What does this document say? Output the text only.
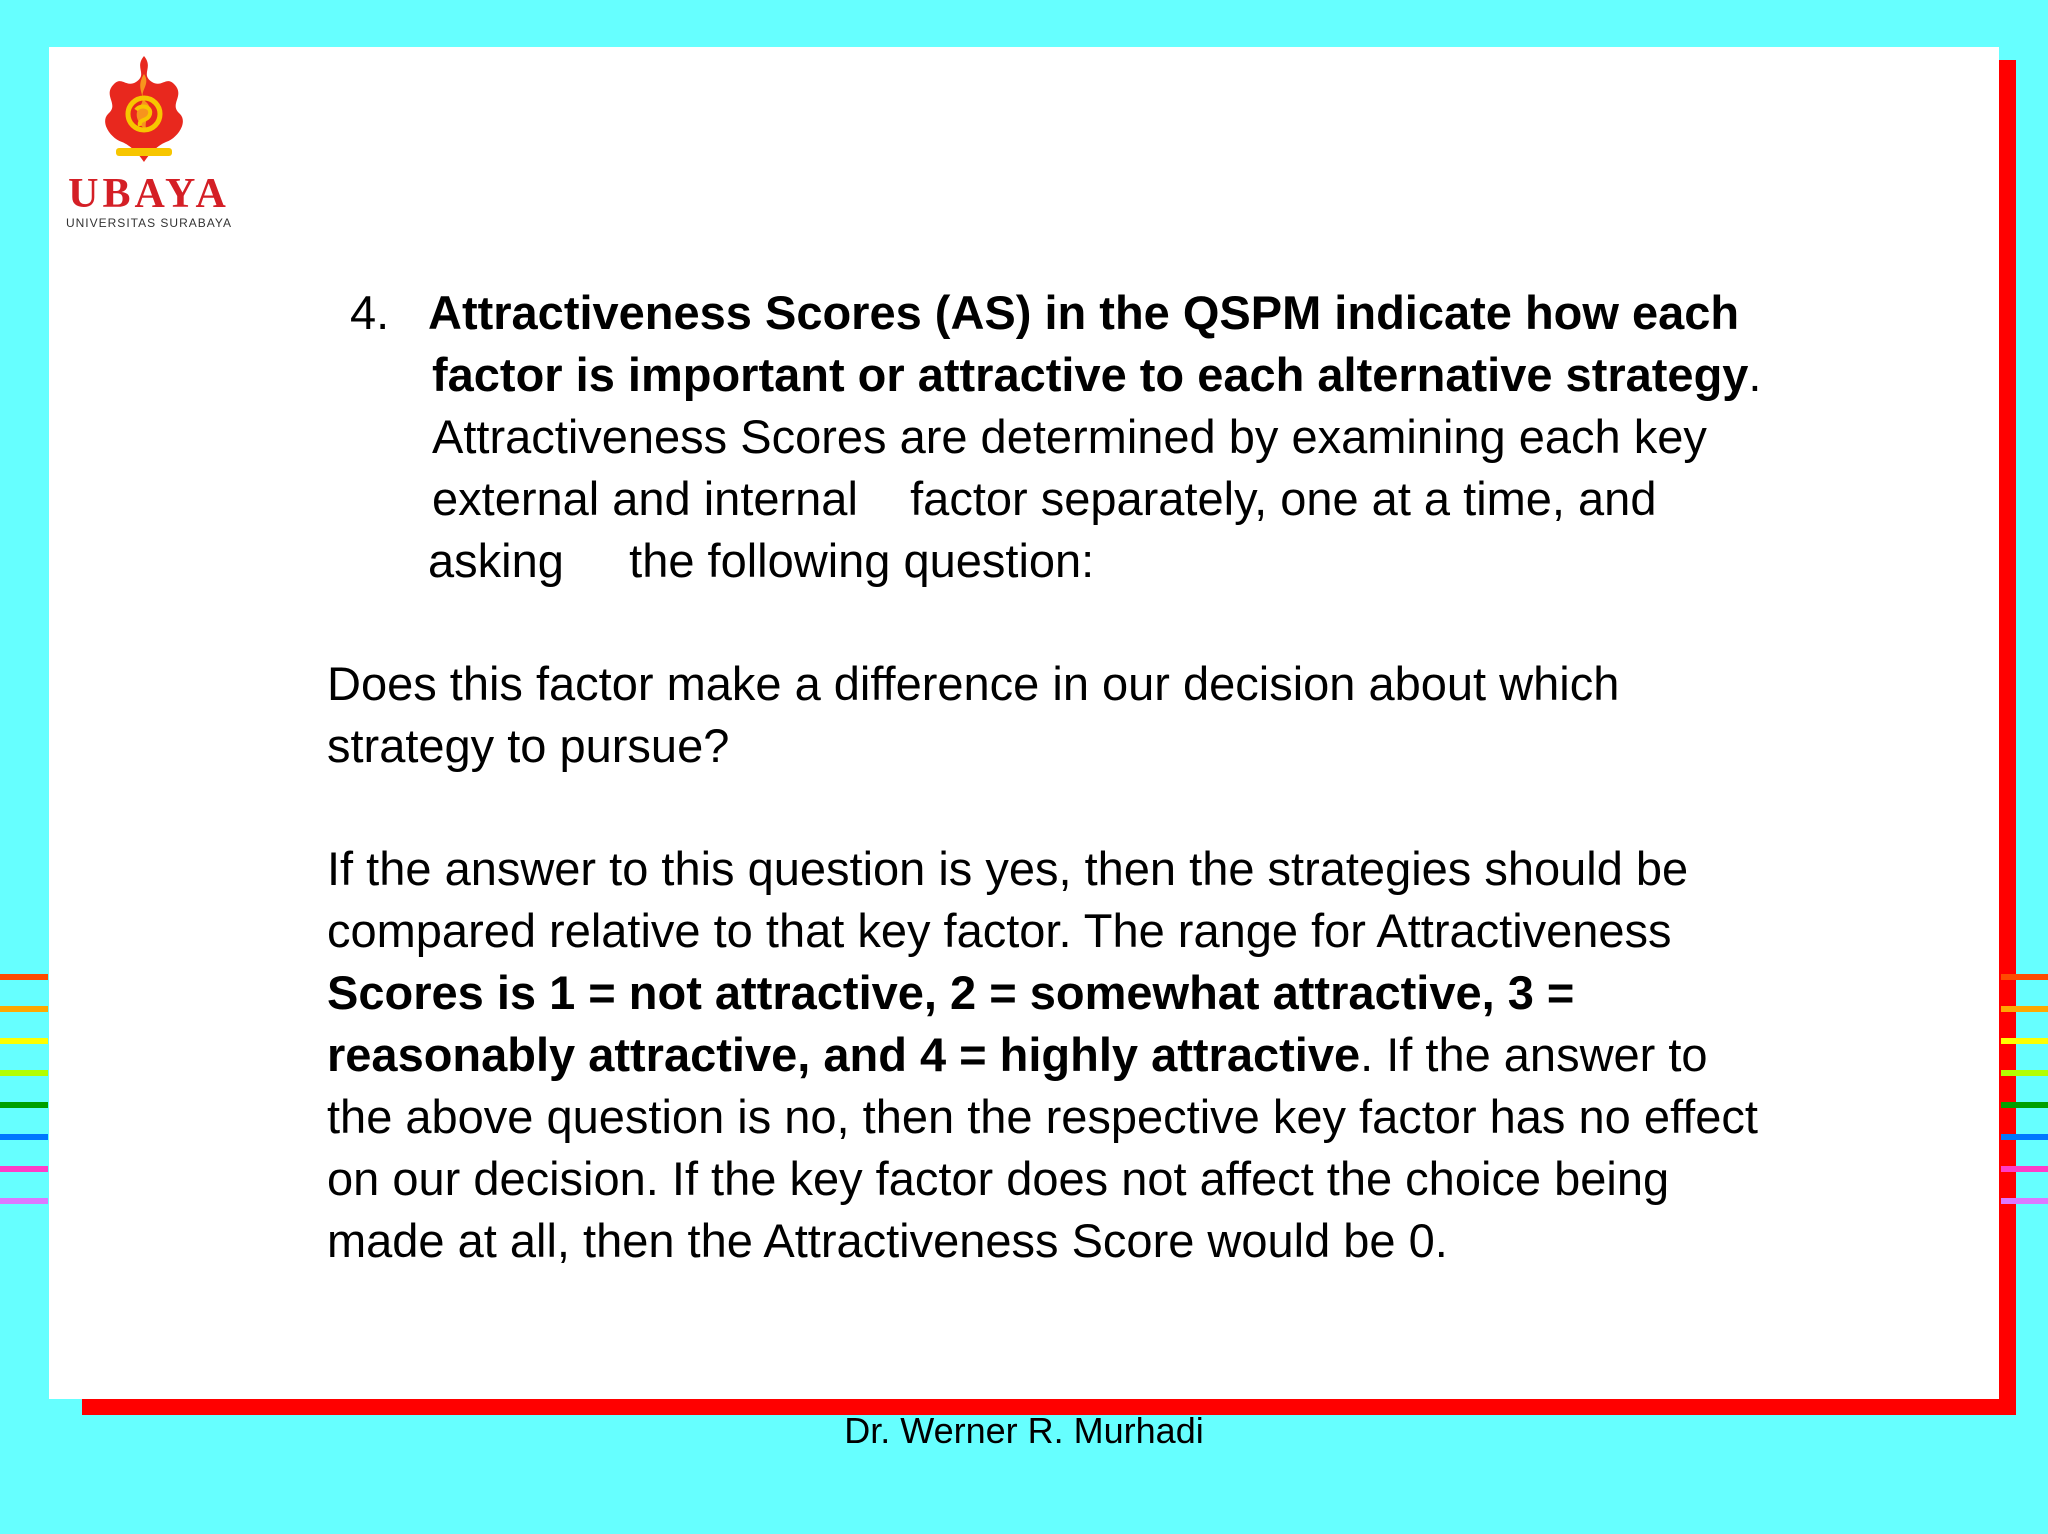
UBAYA
UNIVERSITAS SURABAYA
4. Attractiveness Scores (AS) in the QSPM indicate how each
factor is important or attractive to each alternative strategy.
Attractiveness Scores are determined by examining each key
external and internal    factor separately, one at a time, and
asking     the following question:
Does this factor make a difference in our decision about which
strategy to pursue?
If the answer to this question is yes, then the strategies should be
compared relative to that key factor. The range for Attractiveness
Scores is 1 = not attractive, 2 = somewhat attractive, 3 =
reasonably attractive, and 4 = highly attractive. If the answer to
the above question is no, then the respective key factor has no effect
on our decision. If the key factor does not affect the choice being
made at all, then the Attractiveness Score would be 0.
Dr. Werner R. Murhadi
